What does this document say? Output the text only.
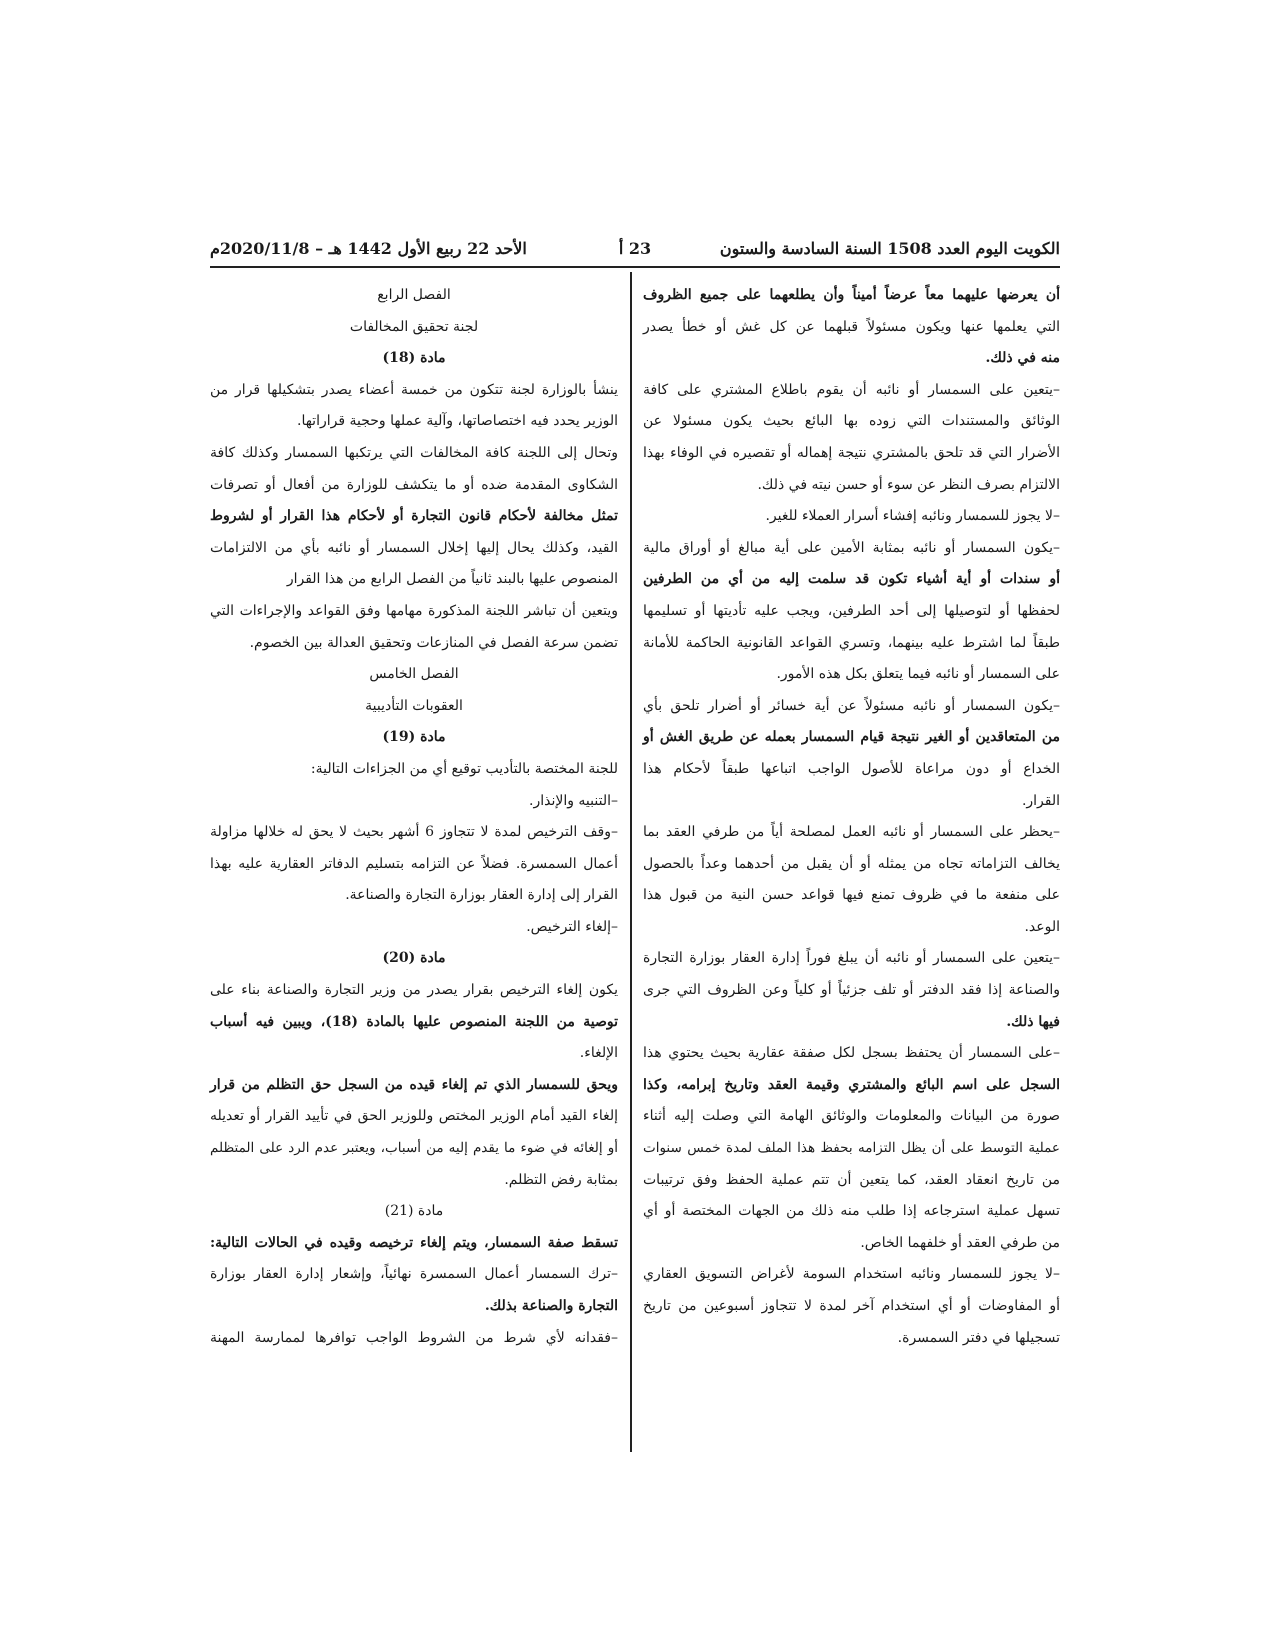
الكويت اليوم العدد 1508 السنة السادسة والستون
23 أ
الأحد 22 ربيع الأول 1442 هـ – 2020/11/8م
أن يعرضها عليهما معاً عرضاً أميناً وأن يطلعهما على جميع الظروف
التي يعلمها عنها ويكون مسئولاً قبلهما عن كل غش أو خطأ يصدر
منه في ذلك.
–يتعين على السمسار أو نائبه أن يقوم باطلاع المشتري على كافة
الوثائق والمستندات التي زوده بها البائع بحيث يكون مسئولا عن
الأضرار التي قد تلحق بالمشتري نتيجة إهماله أو تقصيره في الوفاء بهذا
الالتزام بصرف النظر عن سوء أو حسن نيته في ذلك.
–لا يجوز للسمسار ونائبه إفشاء أسرار العملاء للغير.
–يكون السمسار أو نائبه بمثابة الأمين على أية مبالغ أو أوراق مالية
أو سندات أو أية أشياء تكون قد سلمت إليه من أي من الطرفين
لحفظها أو لتوصيلها إلى أحد الطرفين، ويجب عليه تأديتها أو تسليمها
طبقاً لما اشترط عليه بينهما، وتسري القواعد القانونية الحاكمة للأمانة
على السمسار أو نائبه فيما يتعلق بكل هذه الأمور.
–يكون السمسار أو نائبه مسئولاً عن أية خسائر أو أضرار تلحق بأي
من المتعاقدين أو الغير نتيجة قيام السمسار بعمله عن طريق الغش أو
الخداع أو دون مراعاة للأصول الواجب اتباعها طبقاً لأحكام هذا
القرار.
–يحظر على السمسار أو نائبه العمل لمصلحة أياً من طرفي العقد بما
يخالف التزاماته تجاه من يمثله أو أن يقبل من أحدهما وعداً بالحصول
على منفعة ما في ظروف تمنع فيها قواعد حسن النية من قبول هذا
الوعد.
–يتعين على السمسار أو نائبه أن يبلغ فوراً إدارة العقار بوزارة التجارة
والصناعة إذا فقد الدفتر أو تلف جزئياً أو كلياً وعن الظروف التي جرى
فيها ذلك.
–على السمسار أن يحتفظ بسجل لكل صفقة عقارية بحيث يحتوي هذا
السجل على اسم البائع والمشتري وقيمة العقد وتاريخ إبرامه، وكذا
صورة من البيانات والمعلومات والوثائق الهامة التي وصلت إليه أثناء
عملية التوسط على أن يظل التزامه بحفظ هذا الملف لمدة خمس سنوات
من تاريخ انعقاد العقد، كما يتعين أن تتم عملية الحفظ وفق ترتيبات
تسهل عملية استرجاعه إذا طلب منه ذلك من الجهات المختصة أو أي
من طرفي العقد أو خلفهما الخاص.
–لا يجوز للسمسار ونائبه استخدام السومة لأغراض التسويق العقاري
أو المفاوضات أو أي استخدام آخر لمدة لا تتجاوز أسبوعين من تاريخ
تسجيلها في دفتر السمسرة.
الفصل الرابع
لجنة تحقيق المخالفات
مادة (18)
ينشأ بالوزارة لجنة تتكون من خمسة أعضاء يصدر بتشكيلها قرار من
الوزير يحدد فيه اختصاصاتها، وآلية عملها وحجية قراراتها.
وتحال إلى اللجنة كافة المخالفات التي يرتكبها السمسار وكذلك كافة
الشكاوى المقدمة ضده أو ما يتكشف للوزارة من أفعال أو تصرفات
تمثل مخالفة لأحكام قانون التجارة أو لأحكام هذا القرار أو لشروط
القيد، وكذلك يحال إليها إخلال السمسار أو نائبه بأي من الالتزامات
المنصوص عليها بالبند ثانياً من الفصل الرابع من هذا القرار
ويتعين أن تباشر اللجنة المذكورة مهامها وفق القواعد والإجراءات التي
تضمن سرعة الفصل في المنازعات وتحقيق العدالة بين الخصوم.
الفصل الخامس
العقوبات التأديبية
مادة (19)
للجنة المختصة بالتأديب توقيع أي من الجزاءات التالية:
–التنبيه والإنذار.
–وقف الترخيص لمدة لا تتجاوز 6 أشهر بحيث لا يحق له خلالها مزاولة
أعمال السمسرة. فضلاً عن التزامه بتسليم الدفاتر العقارية عليه بهذا
القرار إلى إدارة العقار بوزارة التجارة والصناعة.
–إلغاء الترخيص.
مادة (20)
يكون إلغاء الترخيص بقرار يصدر من وزير التجارة والصناعة بناء على
توصية من اللجنة المنصوص عليها بالمادة (18)، ويبين فيه أسباب
الإلغاء.
ويحق للسمسار الذي تم إلغاء قيده من السجل حق التظلم من قرار
إلغاء القيد أمام الوزير المختص وللوزير الحق في تأييد القرار أو تعديله
أو إلغائه في ضوء ما يقدم إليه من أسباب، ويعتبر عدم الرد على المتظلم
بمثابة رفض التظلم.
مادة (21)
تسقط صفة السمسار، ويتم إلغاء ترخيصه وقيده في الحالات التالية:
–ترك السمسار أعمال السمسرة نهائياً، وإشعار إدارة العقار بوزارة
التجارة والصناعة بذلك.
–فقدانه لأي شرط من الشروط الواجب توافرها لممارسة المهنة
